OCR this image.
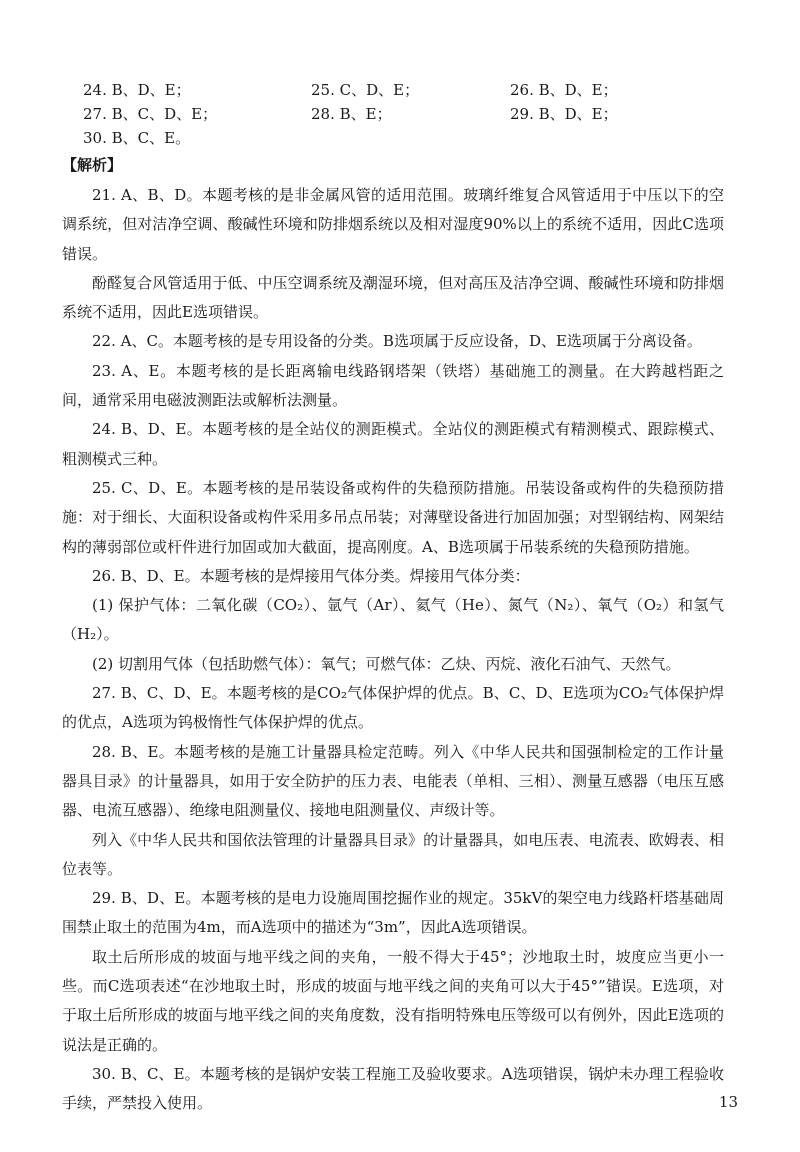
24. B、D、E；	25. C、D、E；	26. B、D、E；
27. B、C、D、E；	28. B、E；	29. B、D、E；
30. B、C、E。
【解析】

21. A、B、D。本题考核的是非金属风管的适用范围。玻璃纤维复合风管适用于中压以下的空调系统，但对洁净空调、酸碱性环境和防排烟系统以及相对湿度90%以上的系统不适用，因此C选项错误。

酚醛复合风管适用于低、中压空调系统及潮湿环境，但对高压及洁净空调、酸碱性环境和防排烟系统不适用，因此E选项错误。

22. A、C。本题考核的是专用设备的分类。B选项属于反应设备，D、E选项属于分离设备。

23. A、E。本题考核的是长距离输电线路钢塔架（铁塔）基础施工的测量。在大跨越档距之间，通常采用电磁波测距法或解析法测量。

24. B、D、E。本题考核的是全站仪的测距模式。全站仪的测距模式有精测模式、跟踪模式、粗测模式三种。

25. C、D、E。本题考核的是吊装设备或构件的失稳预防措施。吊装设备或构件的失稳预防措施：对于细长、大面积设备或构件采用多吊点吊装；对薄壁设备进行加固加强；对型钢结构、网架结构的薄弱部位或杆件进行加固或加大截面，提高刚度。A、B选项属于吊装系统的失稳预防措施。

26. B、D、E。本题考核的是焊接用气体分类。焊接用气体分类：

(1) 保护气体：二氧化碳（CO₂）、氩气（Ar）、氦气（He）、氮气（N₂）、氧气（O₂）和氢气（H₂）。

(2) 切割用气体（包括助燃气体）：氧气；可燃气体：乙炔、丙烷、液化石油气、天然气。

27. B、C、D、E。本题考核的是CO₂气体保护焊的优点。B、C、D、E选项为CO₂气体保护焊的优点，A选项为钨极惰性气体保护焊的优点。

28. B、E。本题考核的是施工计量器具检定范畴。列入《中华人民共和国强制检定的工作计量器具目录》的计量器具，如用于安全防护的压力表、电能表（单相、三相）、测量互感器（电压互感器、电流互感器）、绝缘电阻测量仪、接地电阻测量仪、声级计等。

列入《中华人民共和国依法管理的计量器具目录》的计量器具，如电压表、电流表、欧姆表、相位表等。

29. B、D、E。本题考核的是电力设施周围挖掘作业的规定。35kV的架空电力线路杆塔基础周围禁止取土的范围为4m，而A选项中的描述为“3m”，因此A选项错误。

取土后所形成的坡面与地平线之间的夹角，一般不得大于45°；沙地取土时，坡度应当更小一些。而C选项表述“在沙地取土时，形成的坡面与地平线之间的夹角可以大于45°”错误。E选项，对于取土后所形成的坡面与地平线之间的夹角度数，没有指明特殊电压等级可以有例外，因此E选项的说法是正确的。

30. B、C、E。本题考核的是锅炉安装工程施工及验收要求。A选项错误，锅炉未办理工程验收手续，严禁投入使用。	13
